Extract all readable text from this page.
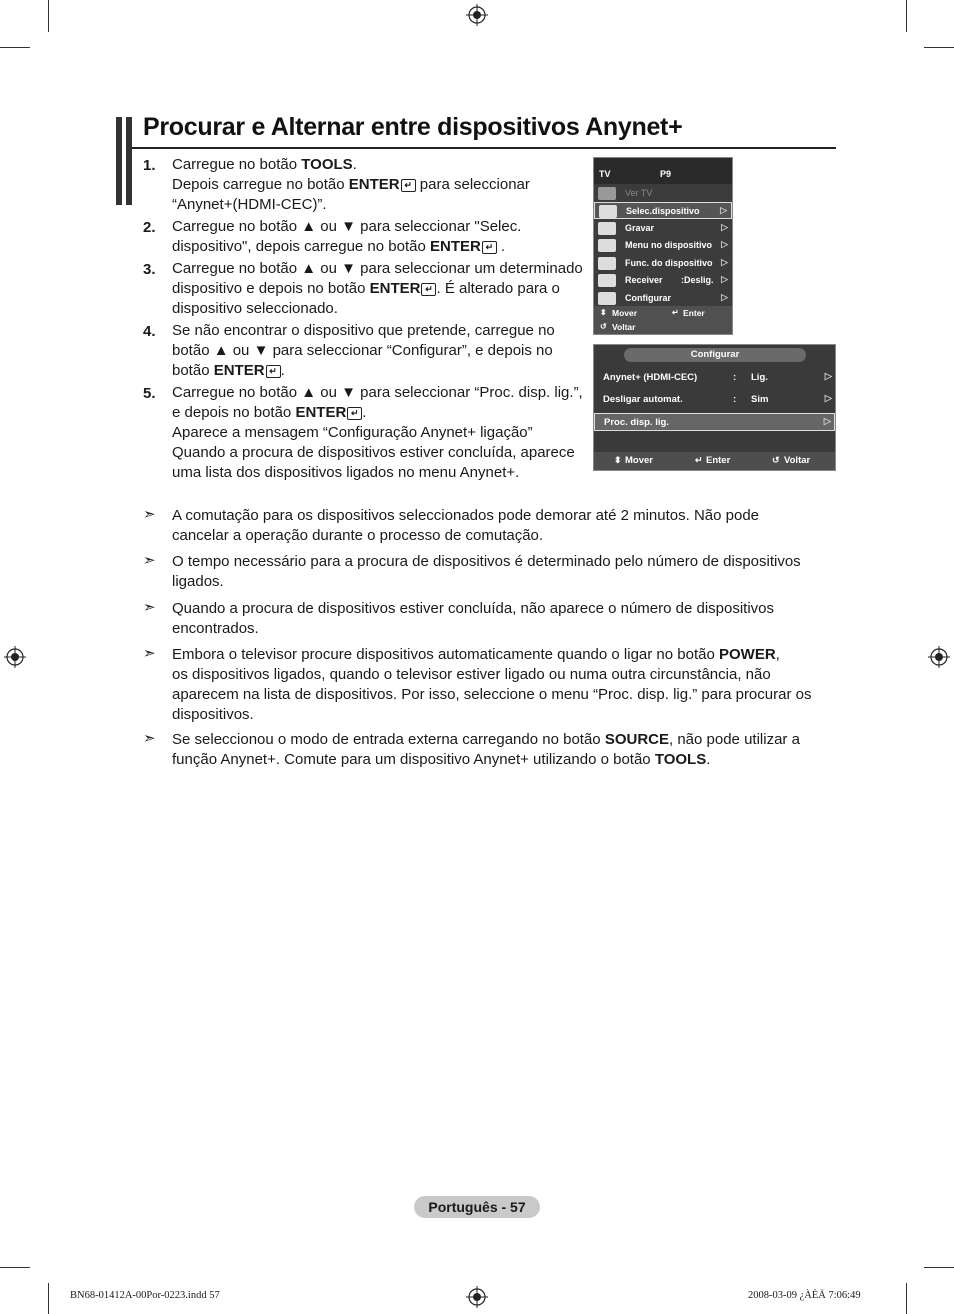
Procurar e Alternar entre dispositivos Anynet+
1. Carregue no botão TOOLS.
Depois carregue no botão ENTER ↵ para seleccionar
“Anynet+(HDMI-CEC)”.
2. Carregue no botão ▲ ou ▼ para seleccionar "Selec.
dispositivo", depois carregue no botão ENTER ↵ .
3. Carregue no botão ▲ ou ▼ para seleccionar um determinado
dispositivo e depois no botão ENTER ↵ . É alterado para o
dispositivo seleccionado.
4. Se não encontrar o dispositivo que pretende, carregue no
botão ▲ ou ▼ para seleccionar “Configurar”, e depois no
botão ENTER ↵ .
5. Carregue no botão ▲ ou ▼ para seleccionar “Proc. disp. lig.”,
e depois no botão ENTER ↵ .
Aparece a mensagem “Configuração Anynet+ ligação”
Quando a procura de dispositivos estiver concluída, aparece
uma lista dos dispositivos ligados no menu Anynet+.
TV	P9
Ver TV
Selec.dispositivo ▷
Gravar	▷
Menu no dispositivo ▷
Func. do dispositivo ▷
Receiver :Deslig. ▷
Configurar	▷
⬍ Mover	↵ Enter
↺ Voltar
Configurar
Anynet+ (HDMI-CEC)	: Lig.	▷
Desligar automat.	: Sim	▷
Proc. disp. lig.	▷
⬍ Mover	↵ Enter	↺ Voltar
➣ A comutação para os dispositivos seleccionados pode demorar até 2 minutos. Não pode
cancelar a operação durante o processo de comutação.
➣ O tempo necessário para a procura de dispositivos é determinado pelo número de dispositivos
ligados.
➣ Quando a procura de dispositivos estiver concluída, não aparece o número de dispositivos
encontrados.
➣ Embora o televisor procure dispositivos automaticamente quando o ligar no botão POWER,
os dispositivos ligados, quando o televisor estiver ligado ou numa outra circunstância, não
aparecem na lista de dispositivos. Por isso, seleccione o menu “Proc. disp. lig.” para procurar os
dispositivos.
➣ Se seleccionou o modo de entrada externa carregando no botão SOURCE, não pode utilizar a
função Anynet+. Comute para um dispositivo Anynet+ utilizando o botão TOOLS.
Português - 57
BN68-01412A-00Por-0223.indd 57	2008-03-09 ¿ÀÈÄ 7:06:49
